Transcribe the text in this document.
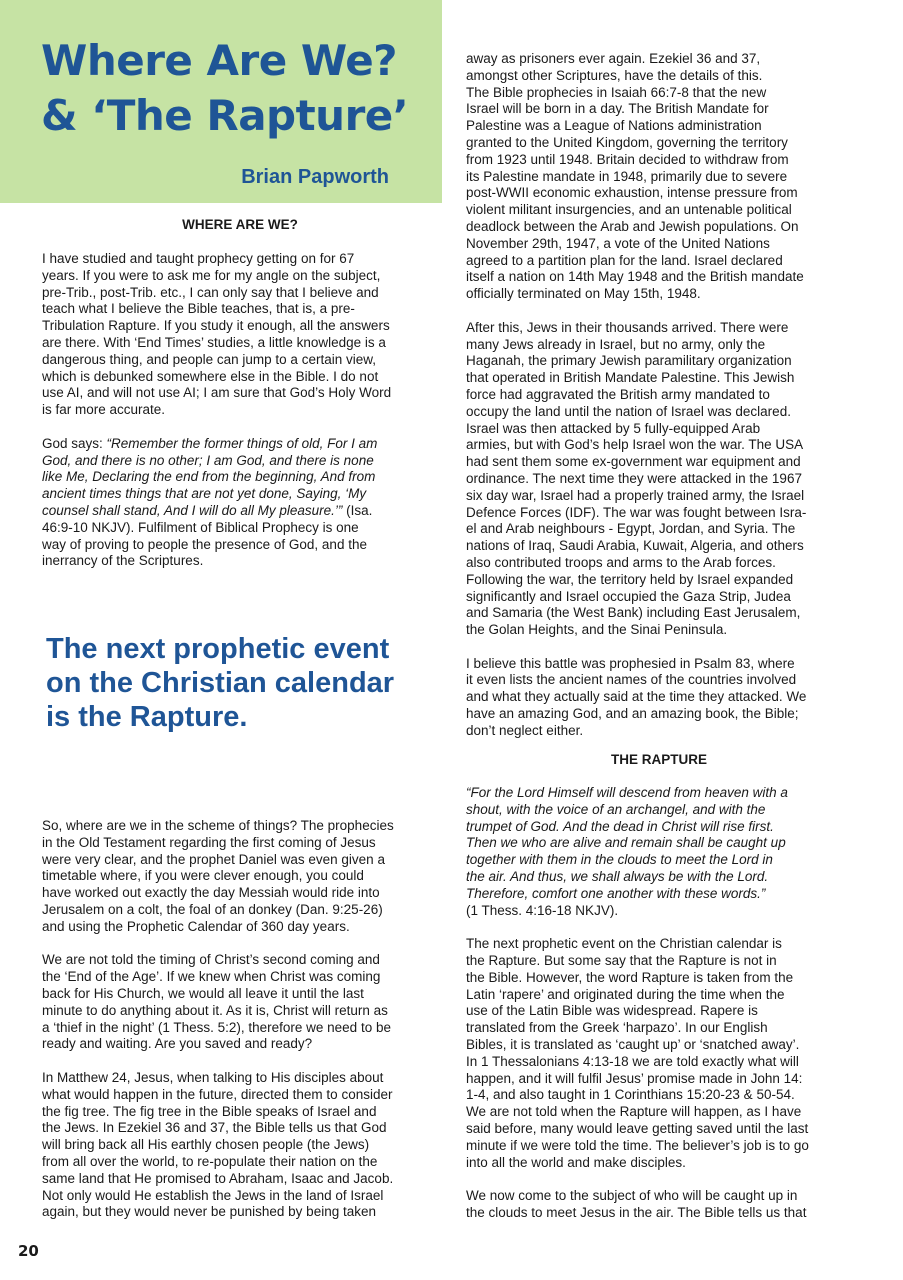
Where Are We?
& ‘The Rapture’
Brian Papworth
WHERE ARE WE?

I have studied and taught prophecy getting on for 67
years. If you were to ask me for my angle on the subject,
pre-Trib., post-Trib. etc., I can only say that I believe and
teach what I believe the Bible teaches, that is, a pre-
Tribulation Rapture. If you study it enough, all the answers
are there. With ‘End Times’ studies, a little knowledge is a
dangerous thing, and people can jump to a certain view,
which is debunked somewhere else in the Bible. I do not
use AI, and will not use AI; I am sure that God’s Holy Word
is far more accurate.

God says: “Remember the former things of old, For I am
God, and there is no other; I am God, and there is none
like Me, Declaring the end from the beginning, And from
ancient times things that are not yet done, Saying, ‘My
counsel shall stand, And I will do all My pleasure.’” (Isa.
46:9-10 NKJV). Fulfilment of Biblical Prophecy is one
way of proving to people the presence of God, and the
inerrancy of the Scriptures.

The next prophetic event
on the Christian calendar
is the Rapture.

So, where are we in the scheme of things? The prophecies
in the Old Testament regarding the first coming of Jesus
were very clear, and the prophet Daniel was even given a
timetable where, if you were clever enough, you could
have worked out exactly the day Messiah would ride into
Jerusalem on a colt, the foal of an donkey (Dan. 9:25-26)
and using the Prophetic Calendar of 360 day years.

We are not told the timing of Christ’s second coming and
the ‘End of the Age’. If we knew when Christ was coming
back for His Church, we would all leave it until the last
minute to do anything about it. As it is, Christ will return as
a ‘thief in the night’ (1 Thess. 5:2), therefore we need to be
ready and waiting. Are you saved and ready?

In Matthew 24, Jesus, when talking to His disciples about
what would happen in the future, directed them to consider
the fig tree. The fig tree in the Bible speaks of Israel and
the Jews. In Ezekiel 36 and 37, the Bible tells us that God
will bring back all His earthly chosen people (the Jews)
from all over the world, to re-populate their nation on the
same land that He promised to Abraham, Isaac and Jacob.
Not only would He establish the Jews in the land of Israel
again, but they would never be punished by being taken

away as prisoners ever again. Ezekiel 36 and 37,
amongst other Scriptures, have the details of this.
The Bible prophecies in Isaiah 66:7-8 that the new
Israel will be born in a day. The British Mandate for
Palestine was a League of Nations administration
granted to the United Kingdom, governing the territory
from 1923 until 1948. Britain decided to withdraw from
its Palestine mandate in 1948, primarily due to severe
post-WWII economic exhaustion, intense pressure from
violent militant insurgencies, and an untenable political
deadlock between the Arab and Jewish populations. On
November 29th, 1947, a vote of the United Nations
agreed to a partition plan for the land. Israel declared
itself a nation on 14th May 1948 and the British mandate
officially terminated on May 15th, 1948.

After this, Jews in their thousands arrived. There were
many Jews already in Israel, but no army, only the
Haganah, the primary Jewish paramilitary organization
that operated in British Mandate Palestine. This Jewish
force had aggravated the British army mandated to
occupy the land until the nation of Israel was declared.
Israel was then attacked by 5 fully-equipped Arab
armies, but with God’s help Israel won the war. The USA
had sent them some ex-government war equipment and
ordinance. The next time they were attacked in the 1967
six day war, Israel had a properly trained army, the Israel
Defence Forces (IDF). The war was fought between Isra-
el and Arab neighbours - Egypt, Jordan, and Syria. The
nations of Iraq, Saudi Arabia, Kuwait, Algeria, and others
also contributed troops and arms to the Arab forces.
Following the war, the territory held by Israel expanded
significantly and Israel occupied the Gaza Strip, Judea
and Samaria (the West Bank) including East Jerusalem,
the Golan Heights, and the Sinai Peninsula.

I believe this battle was prophesied in Psalm 83, where
it even lists the ancient names of the countries involved
and what they actually said at the time they attacked. We
have an amazing God, and an amazing book, the Bible;
don’t neglect either.

THE RAPTURE

“For the Lord Himself will descend from heaven with a
shout, with the voice of an archangel, and with the
trumpet of God. And the dead in Christ will rise first.
Then we who are alive and remain shall be caught up
together with them in the clouds to meet the Lord in
the air. And thus, we shall always be with the Lord.
Therefore, comfort one another with these words.”
(1 Thess. 4:16-18 NKJV).

The next prophetic event on the Christian calendar is
the Rapture. But some say that the Rapture is not in
the Bible. However, the word Rapture is taken from the
Latin ‘rapere’ and originated during the time when the
use of the Latin Bible was widespread. Rapere is
translated from the Greek ‘harpazo’. In our English
Bibles, it is translated as ‘caught up’ or ‘snatched away’.
In 1 Thessalonians 4:13-18 we are told exactly what will
happen, and it will fulfil Jesus’ promise made in John 14:
1-4, and also taught in 1 Corinthians 15:20-23 & 50-54.
We are not told when the Rapture will happen, as I have
said before, many would leave getting saved until the last
minute if we were told the time. The believer’s job is to go
into all the world and make disciples.

We now come to the subject of who will be caught up in
the clouds to meet Jesus in the air. The Bible tells us that

20
